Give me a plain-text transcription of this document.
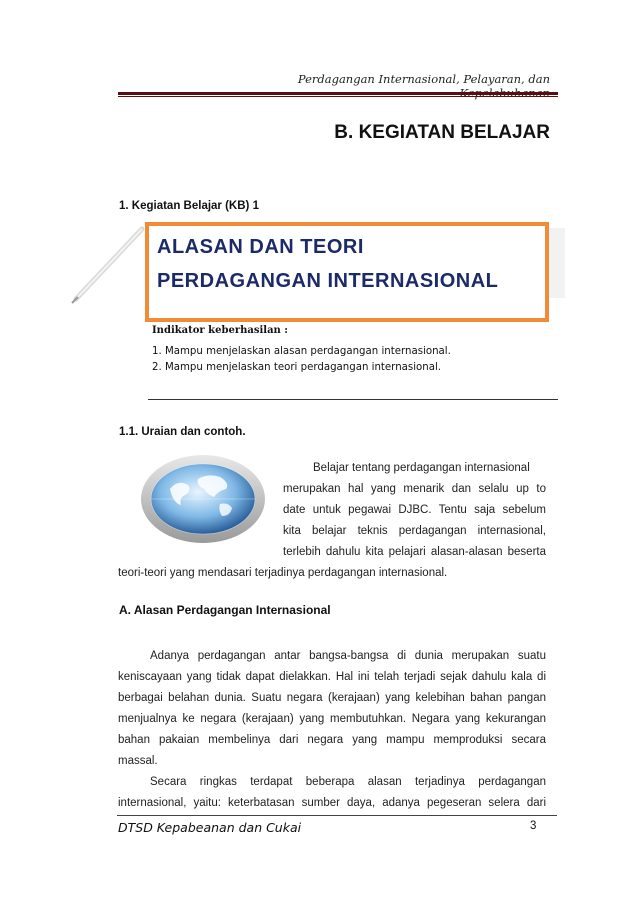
Perdagangan Internasional, Pelayaran, dan
B. KEGIATAN BELAJAR
1. Kegiatan Belajar (KB) 1
ALASAN DAN TEORI
PERDAGANGAN INTERNASIONAL
Indikator keberhasilan :
1. Mampu menjelaskan alasan perdagangan internasional.
2. Mampu menjelaskan teori perdagangan internasional.
1.1. Uraian dan contoh.
Belajar tentang perdagangan internasional
merupakan hal yang menarik dan selalu up to
date untuk pegawai DJBC. Tentu saja sebelum
kita belajar teknis perdagangan internasional,
terlebih dahulu kita pelajari alasan-alasan beserta
teori-teori yang mendasari terjadinya perdagangan internasional.
A. Alasan Perdagangan Internasional
Adanya perdagangan antar bangsa-bangsa di dunia merupakan suatu
keniscayaan yang tidak dapat dielakkan. Hal ini telah terjadi sejak dahulu kala di
berbagai belahan dunia. Suatu negara (kerajaan) yang kelebihan bahan pangan
menjualnya ke negara (kerajaan) yang membutuhkan. Negara yang kekurangan
bahan pakaian membelinya dari negara yang mampu memproduksi secara
massal.
Secara ringkas terdapat beberapa alasan terjadinya perdagangan
internasional, yaitu: keterbatasan sumber daya, adanya pegeseran selera dari
DTSD Kepabeanan dan Cukai	3
